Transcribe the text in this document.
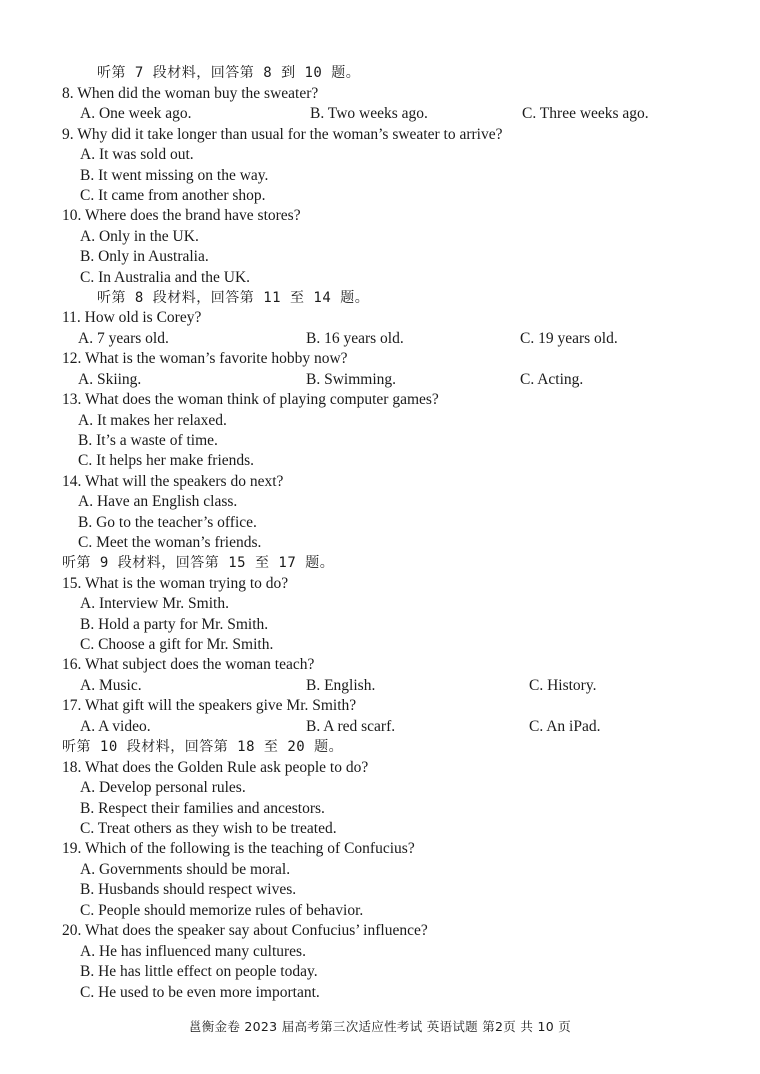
听第 7 段材料，回答第 8 到 10 题。
8. When did the woman buy the sweater?
A. One week ago.	B. Two weeks ago.	C. Three weeks ago.
9. Why did it take longer than usual for the woman’s sweater to arrive?
A. It was sold out.
B. It went missing on the way.
C. It came from another shop.
10. Where does the brand have stores?
A. Only in the UK.
B. Only in Australia.
C. In Australia and the UK.
听第 8 段材料，回答第 11 至 14 题。
11. How old is Corey?
A. 7 years old.	B. 16 years old.	C. 19 years old.
12. What is the woman’s favorite hobby now?
A. Skiing.	B. Swimming.	C. Acting.
13. What does the woman think of playing computer games?
A. It makes her relaxed.
B. It’s a waste of time.
C. It helps her make friends.
14. What will the speakers do next?
A. Have an English class.
B. Go to the teacher’s office.
C. Meet the woman’s friends.
听第 9 段材料，回答第 15 至 17 题。
15. What is the woman trying to do?
A. Interview Mr. Smith.
B. Hold a party for Mr. Smith.
C. Choose a gift for Mr. Smith.
16. What subject does the woman teach?
A. Music.	B. English.	C. History.
17. What gift will the speakers give Mr. Smith?
A. A video.	B. A red scarf.	C. An iPad.
听第 10 段材料，回答第 18 至 20 题。
18. What does the Golden Rule ask people to do?
A. Develop personal rules.
B. Respect their families and ancestors.
C. Treat others as they wish to be treated.
19. Which of the following is the teaching of Confucius?
A. Governments should be moral.
B. Husbands should respect wives.
C. People should memorize rules of behavior.
20. What does the speaker say about Confucius’ influence?
A. He has influenced many cultures.
B. He has little effect on people today.
C. He used to be even more important.
邕衡金卷 2023 届高考第三次适应性考试 英语试题 第2页 共 10 页
